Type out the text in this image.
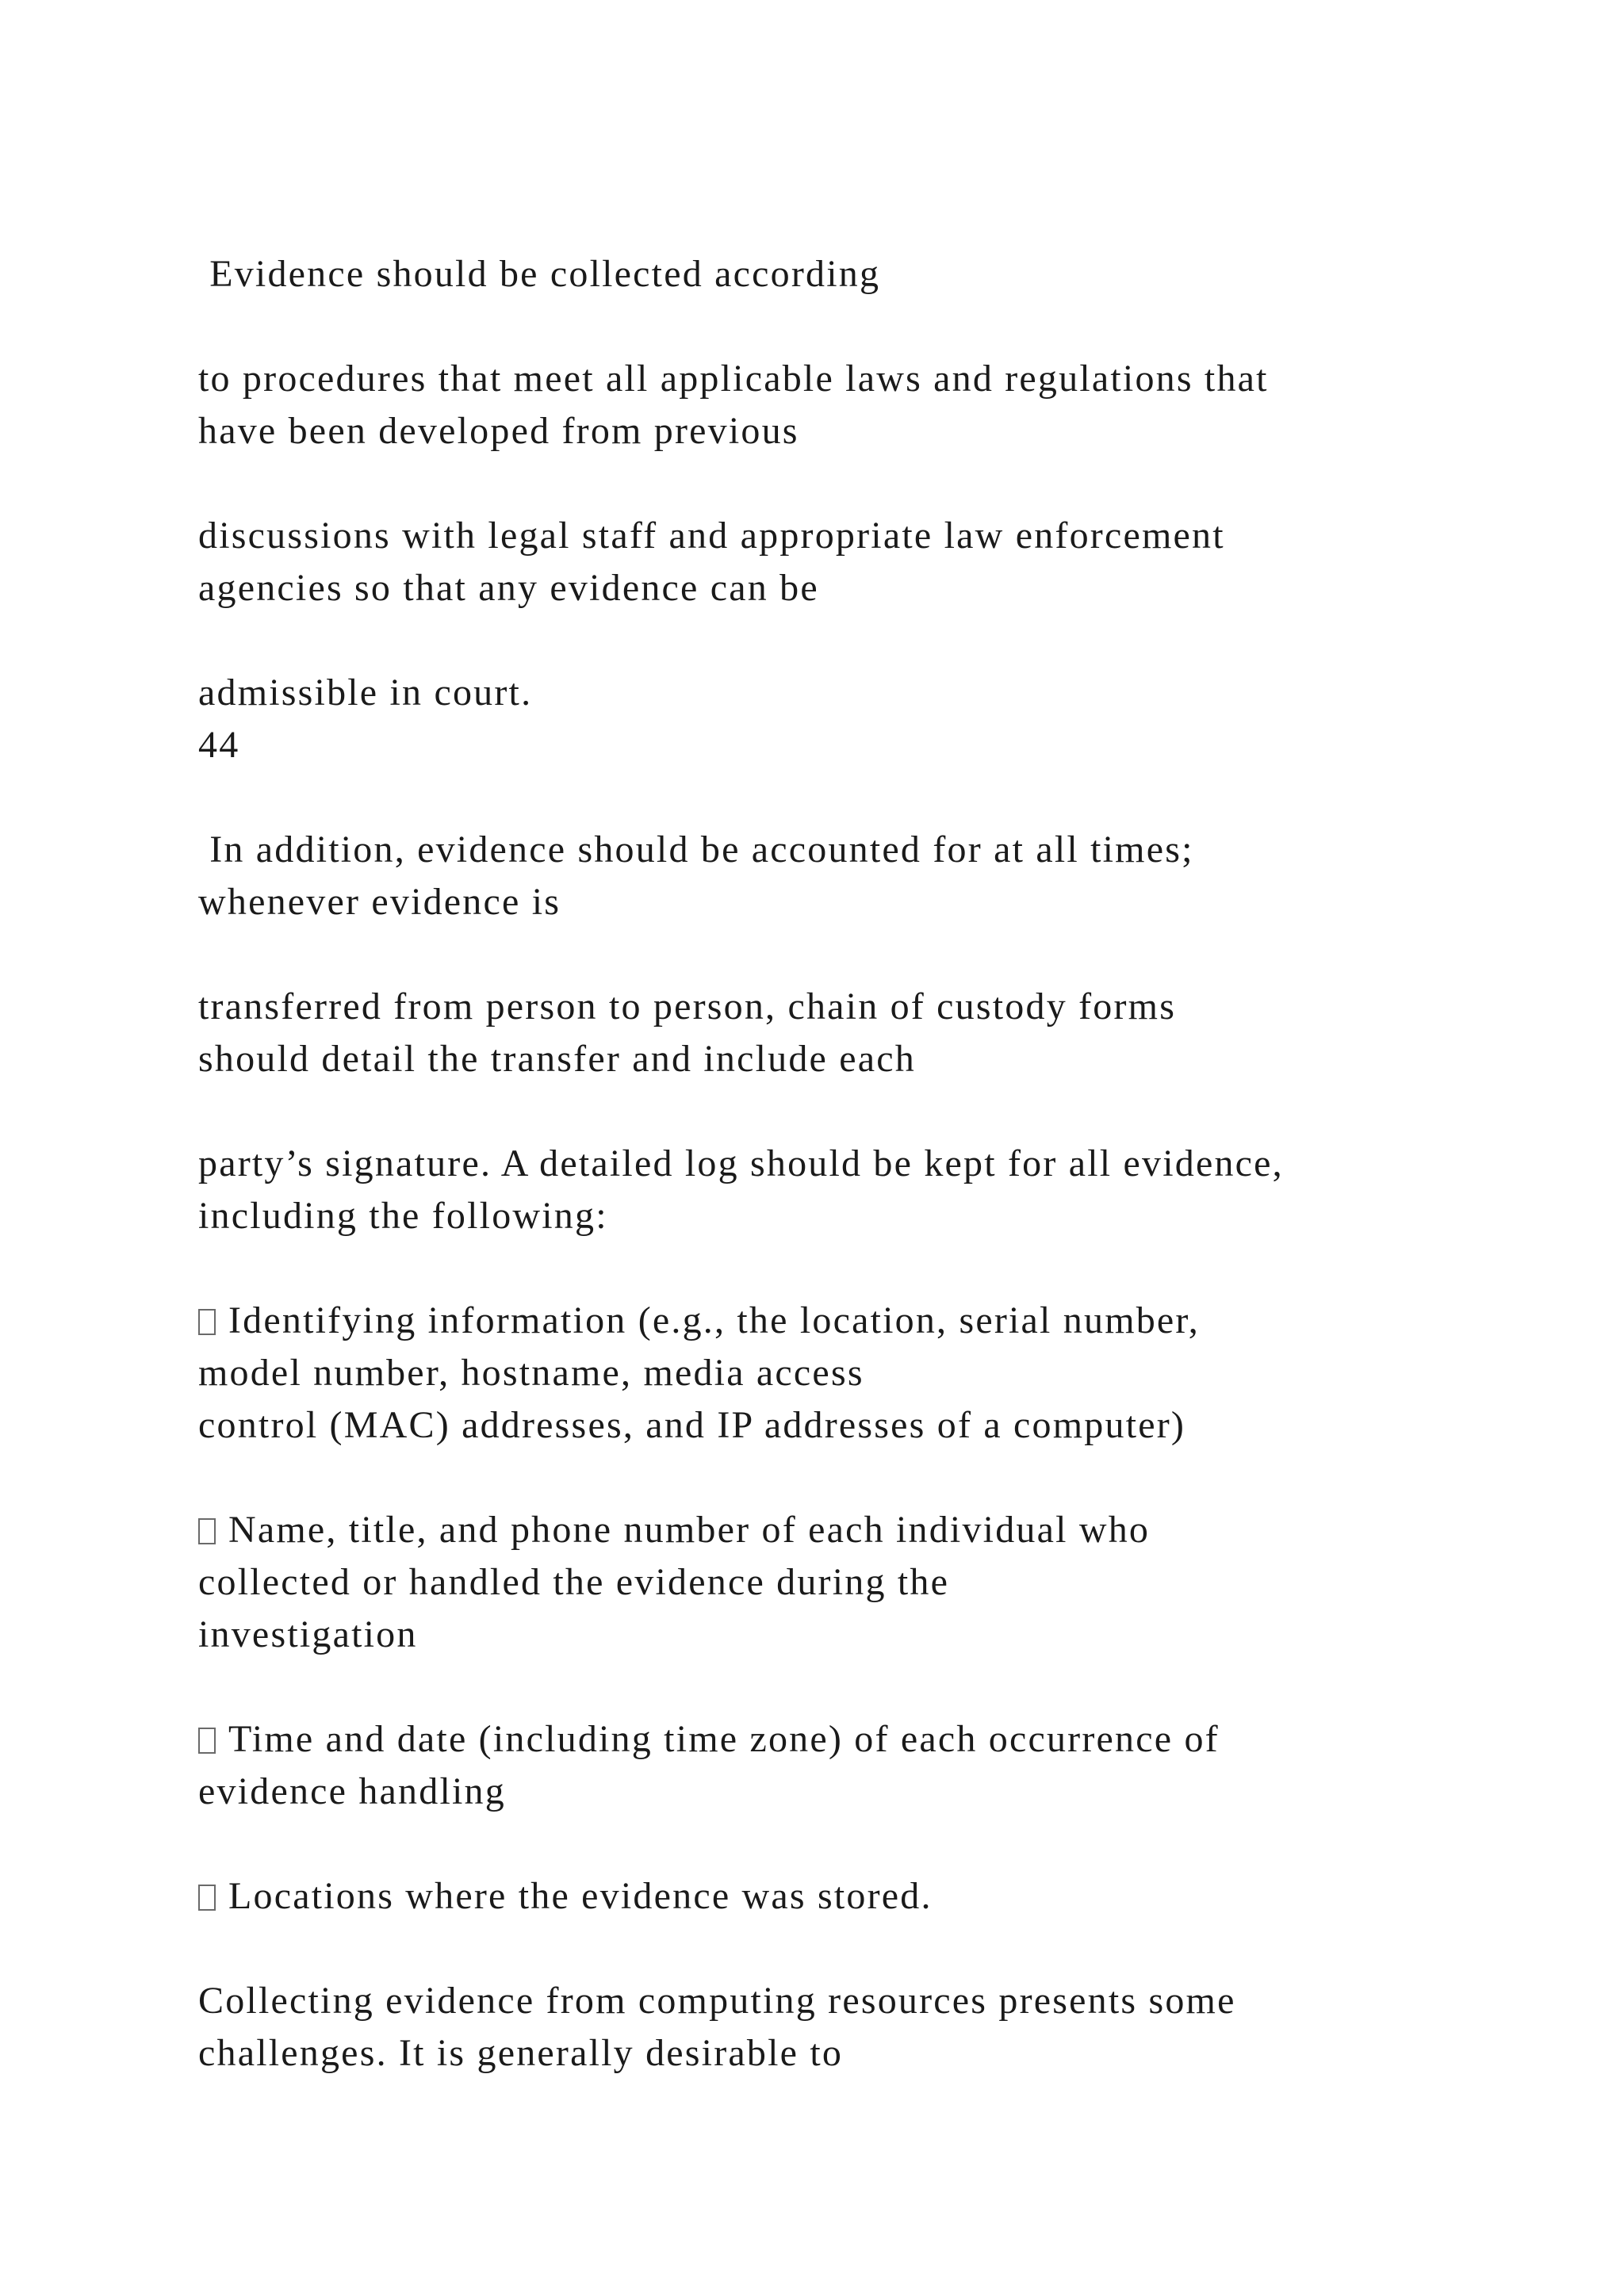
Evidence should be collected according

to procedures that meet all applicable laws and regulations that

have been developed from previous

discussions with legal staff and appropriate law enforcement

agencies so that any evidence can be

admissible in court.

44

In addition, evidence should be accounted for at all times;

whenever evidence is

transferred from person to person, chain of custody forms

should detail the transfer and include each

party’s signature. A detailed log should be kept for all evidence,

including the following:

Identifying information (e.g., the location, serial number,

model number, hostname, media access

control (MAC) addresses, and IP addresses of a computer)

Name, title, and phone number of each individual who

collected or handled the evidence during the

investigation

Time and date (including time zone) of each occurrence of

evidence handling

Locations where the evidence was stored.

Collecting evidence from computing resources presents some

challenges. It is generally desirable to
